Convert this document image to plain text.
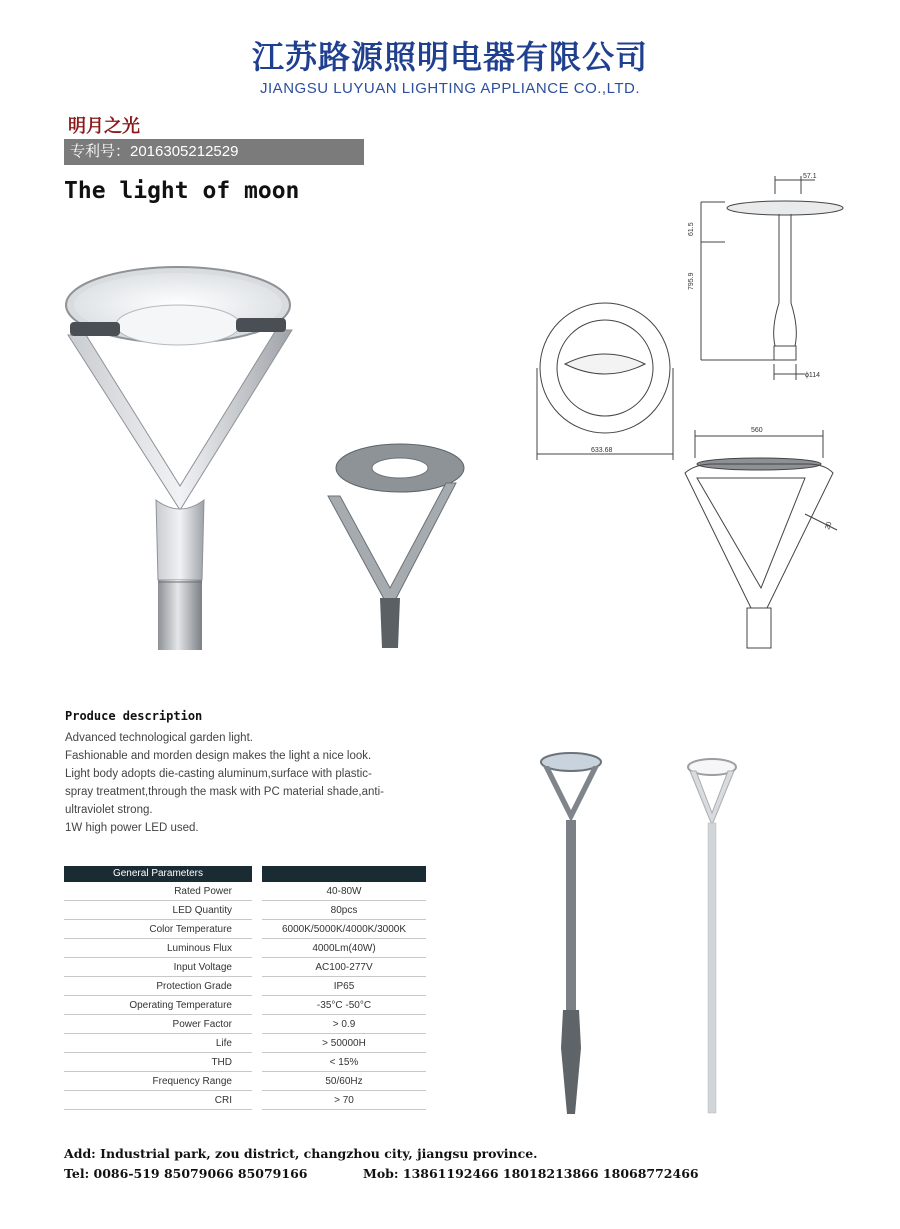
江苏路源照明电器有限公司
JIANGSU LUYUAN LIGHTING APPLIANCE CO.,LTD.
明月之光
专利号：2016305212529
The light of moon
57.1
61.5
795.9
ϕ114
633.68
560
20
Produce description
Advanced technological garden light.
Fashionable and morden design makes the light a nice look.
Light body adopts die-casting aluminum,surface with plastic-
spray treatment,through the mask with PC material shade,anti-
ultraviolet strong.
1W high power LED used.
General Parameters
Rated Power	40-80W
LED Quantity	80pcs
Color Temperature	6000K/5000K/4000K/3000K
Luminous Flux	4000Lm(40W)
Input Voltage	AC100-277V
Protection Grade	IP65
Operating Temperature	-35°C -50°C
Power Factor	> 0.9
Life	> 50000H
THD	< 15%
Frequency Range	50/60Hz
CRI	> 70
Add: Industrial park, zou district, changzhou city, jiangsu province.
Tel: 0086-519 85079066 85079166	Mob: 13861192466 18018213866 18068772466
